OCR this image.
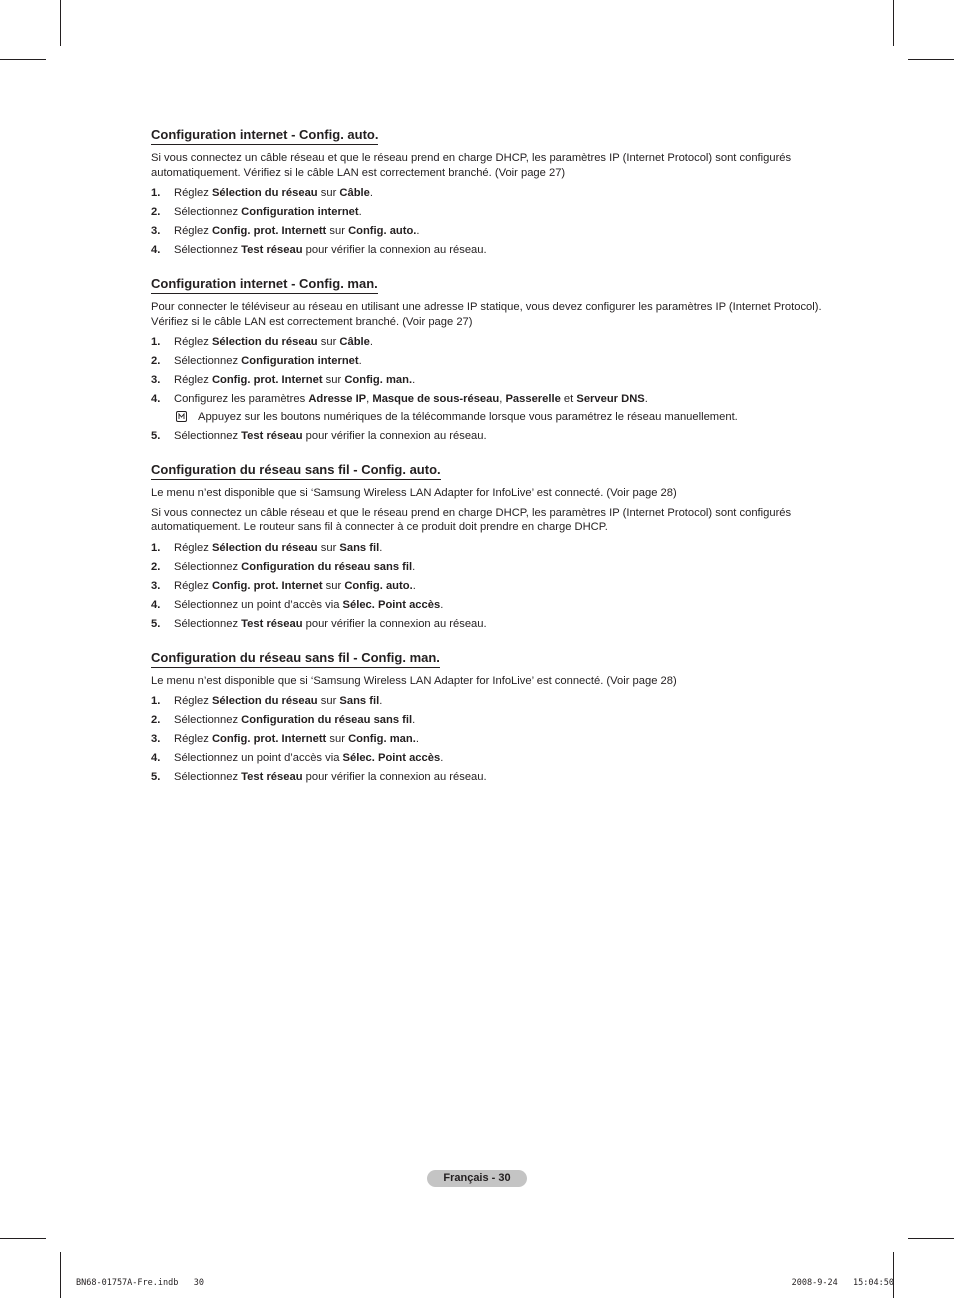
Configuration internet - Config. auto.

Si vous connectez un câble réseau et que le réseau prend en charge DHCP, les paramètres IP (Internet Protocol) sont configurés automatiquement. Vérifiez si le câble LAN est correctement branché. (Voir page 27)

1. Réglez Sélection du réseau sur Câble.
2. Sélectionnez Configuration internet.
3. Réglez Config. prot. Internett sur Config. auto..
4. Sélectionnez Test réseau pour vérifier la connexion au réseau.
Configuration internet - Config. man.

Pour connecter le téléviseur au réseau en utilisant une adresse IP statique, vous devez configurer les paramètres IP (Internet Protocol). Vérifiez si le câble LAN est correctement branché. (Voir page 27)

1. Réglez Sélection du réseau sur Câble.
2. Sélectionnez Configuration internet.
3. Réglez Config. prot. Internet sur Config. man..
4. Configurez les paramètres Adresse IP, Masque de sous-réseau, Passerelle et Serveur DNS.
Appuyez sur les boutons numériques de la télécommande lorsque vous paramétrez le réseau manuellement.
5. Sélectionnez Test réseau pour vérifier la connexion au réseau.
Configuration du réseau sans fil - Config. auto.

Le menu n’est disponible que si ‘Samsung Wireless LAN Adapter for InfoLive’ est connecté. (Voir page 28)

Si vous connectez un câble réseau et que le réseau prend en charge DHCP, les paramètres IP (Internet Protocol) sont configurés automatiquement. Le routeur sans fil à connecter à ce produit doit prendre en charge DHCP.

1. Réglez Sélection du réseau sur Sans fil.
2. Sélectionnez Configuration du réseau sans fil.
3. Réglez Config. prot. Internet sur Config. auto..
4. Sélectionnez un point d’accès via Sélec. Point accès.
5. Sélectionnez Test réseau pour vérifier la connexion au réseau.
Configuration du réseau sans fil - Config. man.

Le menu n’est disponible que si ‘Samsung Wireless LAN Adapter for InfoLive’ est connecté. (Voir page 28)

1. Réglez Sélection du réseau sur Sans fil.
2. Sélectionnez Configuration du réseau sans fil.
3. Réglez Config. prot. Internett sur Config. man..
4. Sélectionnez un point d’accès via Sélec. Point accès.
5. Sélectionnez Test réseau pour vérifier la connexion au réseau.
Français - 30
BN68-01757A-Fre.indb   30	2008-9-24   15:04:50
